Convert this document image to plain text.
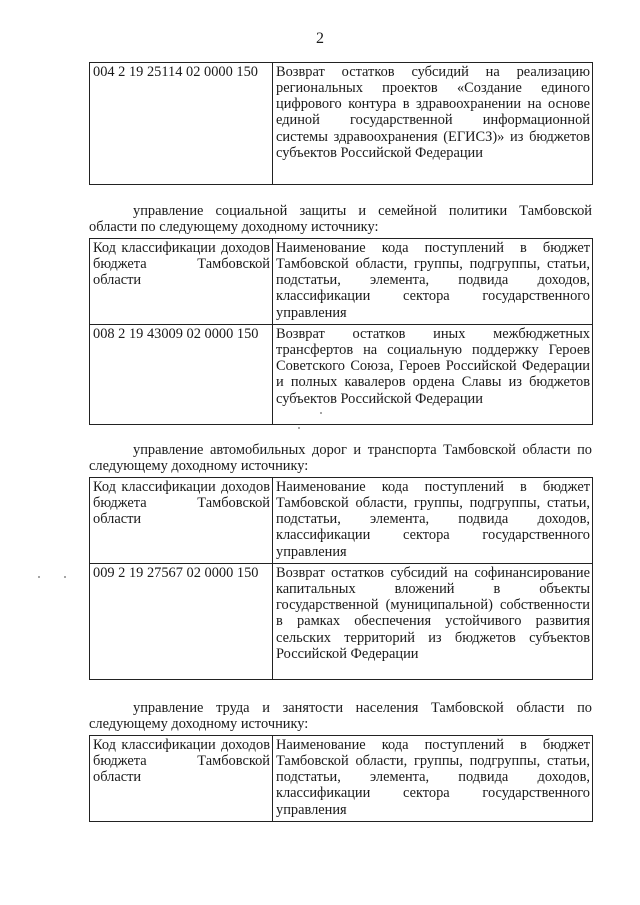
2
004 2 19 25114 02 0000 150	Возврат остатков субсидий на реализацию региональных проектов «Создание единого цифрового контура в здравоохранении на основе единой государственной информационной системы здравоохранения (ЕГИСЗ)» из бюджетов субъектов Российской Федерации
управление социальной защиты и семейной политики Тамбовской области по следующему доходному источнику:
Код классификации доходов бюджета Тамбовской области	Наименование кода поступлений в бюджет Тамбовской области, группы, подгруппы, статьи, подстатьи, элемента, подвида доходов, классификации сектора государственного управления
008 2 19 43009 02 0000 150	Возврат остатков иных межбюджетных трансфертов на социальную поддержку Героев Советского Союза, Героев Российской Федерации и полных кавалеров ордена Славы из бюджетов субъектов Российской Федерации
управление автомобильных дорог и транспорта Тамбовской области по следующему доходному источнику:
Код классификации доходов бюджета Тамбовской области	Наименование кода поступлений в бюджет Тамбовской области, группы, подгруппы, статьи, подстатьи, элемента, подвида доходов, классификации сектора государственного управления
009 2 19 27567 02 0000 150	Возврат остатков субсидий на софинансирование капитальных вложений в объекты государственной (муниципальной) собственности в рамках обеспечения устойчивого развития сельских территорий из бюджетов субъектов Российской Федерации
управление труда и занятости населения Тамбовской области по следующему доходному источнику:
Код классификации доходов бюджета Тамбовской области	Наименование кода поступлений в бюджет Тамбовской области, группы, подгруппы, статьи, подстатьи, элемента, подвида доходов, классификации сектора государственного управления
